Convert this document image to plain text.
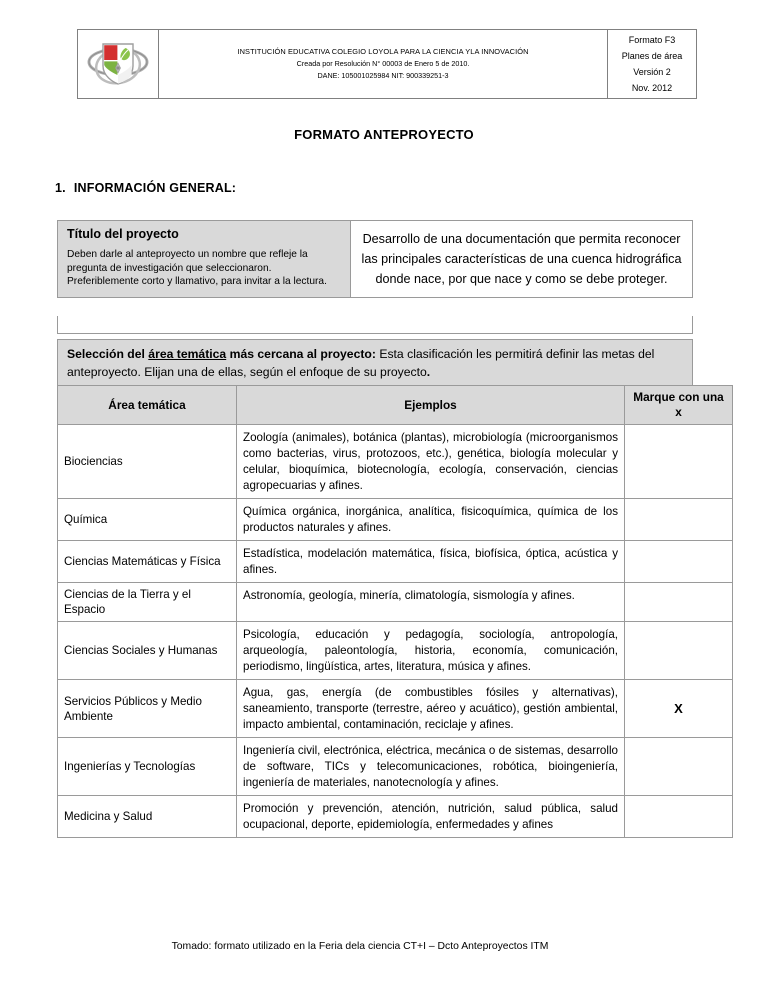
INSTITUCIÓN EDUCATIVA COLEGIO LOYOLA PARA LA CIENCIA YLA INNOVACIÓN
Creada por Resolución N° 00003 de Enero 5 de 2010.
DANE: 105001025984 NIT: 900339251-3

Formato F3
Planes de área
Versión 2
Nov. 2012
FORMATO ANTEPROYECTO
1. INFORMACIÓN GENERAL:
Título del proyecto
Deben darle al anteproyecto un nombre que refleje la pregunta de investigación que seleccionaron. Preferiblemente corto y llamativo, para invitar a la lectura.
	Desarrollo de una documentación que permita reconocer las principales características de una cuenca hidrográfica donde nace, por que nace y como se debe proteger.
Selección del área temática más cercana al proyecto: Esta clasificación les permitirá definir las metas del anteproyecto. Elijan una de ellas, según el enfoque de su proyecto.
Área temática	Ejemplos	Marque con una x
Biociencias	Zoología (animales), botánica (plantas), microbiología (microorganismos como bacterias, virus, protozoos, etc.), genética, biología molecular y celular, bioquímica, biotecnología, ecología, conservación, ciencias agropecuarias y afines.	
Química	Química orgánica, inorgánica, analítica, fisicoquímica, química de los productos naturales y afines.	
Ciencias Matemáticas y Física	Estadística, modelación matemática, física, biofísica, óptica, acústica y afines.	
Ciencias de la Tierra y el Espacio	Astronomía, geología, minería, climatología, sismología y afines.	
Ciencias Sociales y Humanas	Psicología, educación y pedagogía, sociología, antropología, arqueología, paleontología, historia, economía, comunicación, periodismo, lingüística, artes, literatura, música y afines.	
Servicios Públicos y Medio Ambiente	Agua, gas, energía (de combustibles fósiles y alternativas), saneamiento, transporte (terrestre, aéreo y acuático), gestión ambiental, impacto ambiental, contaminación, reciclaje y afines.	X
Ingenierías y Tecnologías	Ingeniería civil, electrónica, eléctrica, mecánica o de sistemas, desarrollo de software, TICs y telecomunicaciones, robótica, bioingeniería, ingeniería de materiales, nanotecnología y afines.	
Medicina y Salud	Promoción y prevención, atención, nutrición, salud pública, salud ocupacional, deporte, epidemiología, enfermedades y afines	
Tomado: formato utilizado en la Feria dela ciencia CT+I – Dcto Anteproyectos ITM
